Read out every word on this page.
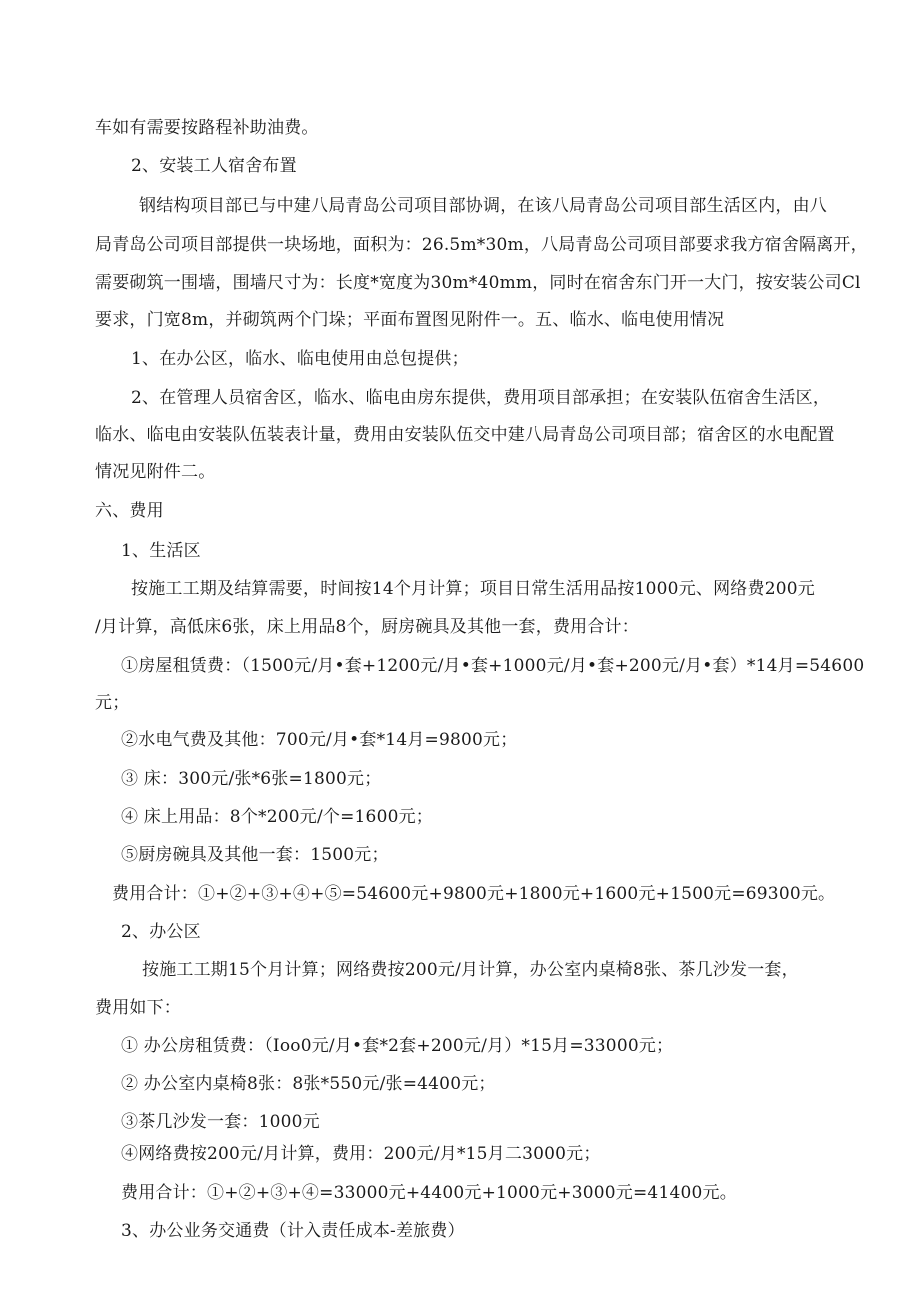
车如有需要按路程补助油费。
2、安装工人宿舍布置
钢结构项目部已与中建八局青岛公司项目部协调，在该八局青岛公司项目部生活区内，由八
局青岛公司项目部提供一块场地，面积为：26.5m*30m，八局青岛公司项目部要求我方宿舍隔离开，
需要砌筑一围墙，围墙尺寸为：长度*宽度为30m*40mm，同时在宿舍东门开一大门，按安装公司Cl
要求，门宽8m，并砌筑两个门垛；平面布置图见附件一。五、临水、临电使用情况
1、在办公区，临水、临电使用由总包提供；
2、在管理人员宿舍区，临水、临电由房东提供，费用项目部承担；在安装队伍宿舍生活区，
临水、临电由安装队伍装表计量，费用由安装队伍交中建八局青岛公司项目部；宿舍区的水电配置
情况见附件二。
六、费用
1、生活区
按施工工期及结算需要，时间按14个月计算；项目日常生活用品按1000元、网络费200元
/月计算，高低床6张，床上用品8个，厨房碗具及其他一套，费用合计：
①房屋租赁费：（1500元/月•套+1200元/月•套+1000元/月•套+200元/月•套）*14月=54600
元；
②水电气费及其他：700元/月•套*14月=9800元；
③ 床：300元/张*6张=1800元；
④ 床上用品：8个*200元/个=1600元；
⑤厨房碗具及其他一套：1500元；
费用合计：①+②+③+④+⑤=54600元+9800元+1800元+1600元+1500元=69300元。
2、办公区
按施工工期15个月计算；网络费按200元/月计算，办公室内桌椅8张、茶几沙发一套，
费用如下：
① 办公房租赁费：（Ioo0元/月•套*2套+200元/月）*15月=33000元；
② 办公室内桌椅8张：8张*550元/张=4400元；
③茶几沙发一套：1000元
④网络费按200元/月计算，费用：200元/月*15月二3000元；
费用合计：①+②+③+④=33000元+4400元+1000元+3000元=41400元。
3、办公业务交通费（计入责任成本-差旅费）
